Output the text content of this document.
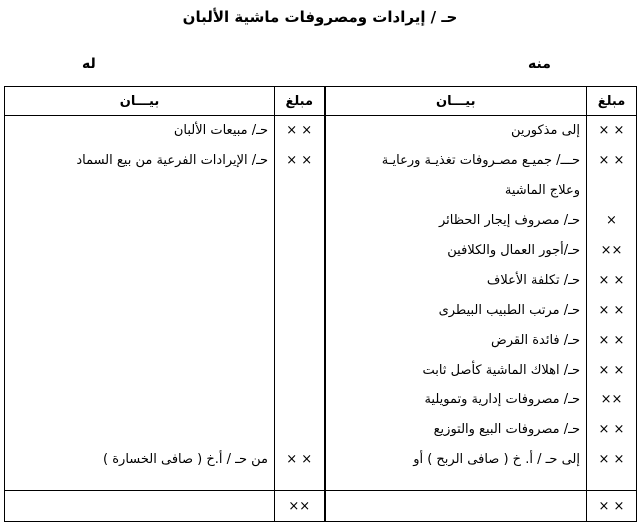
حـ / إيرادات ومصروفات ماشية الألبان
منه
له
مبلغ	بيـــان	مبلغ	بيـــان
× ×	إلى مذكورين	× ×	حـ/ مبيعات الألبان
× ×	حـــ/ جميـع مصـروفات تغذيـة ورعايـة	× ×	حـ/ الإيرادات الفرعية من بيع السماد
	وعلاج الماشية		
×	حـ/ مصروف إيجار الحظائر		
××	حـ/أجور العمال والكلافين		
× ×	حـ/ تكلفة الأعلاف		
× ×	حـ/ مرتب الطبيب البيطرى		
× ×	حـ/ فائدة القرض		
× ×	حـ/ اهلاك الماشية كأصل ثابت		
××	حـ/ مصروفات إدارية وتمويلية		
× ×	حـ/ مصروفات البيع والتوزيع		
× ×	إلى حـ / أ. خ ( صافى الربح ) أو	× ×	من حـ / أ.خ ( صافى الخسارة )

× ×		××	
